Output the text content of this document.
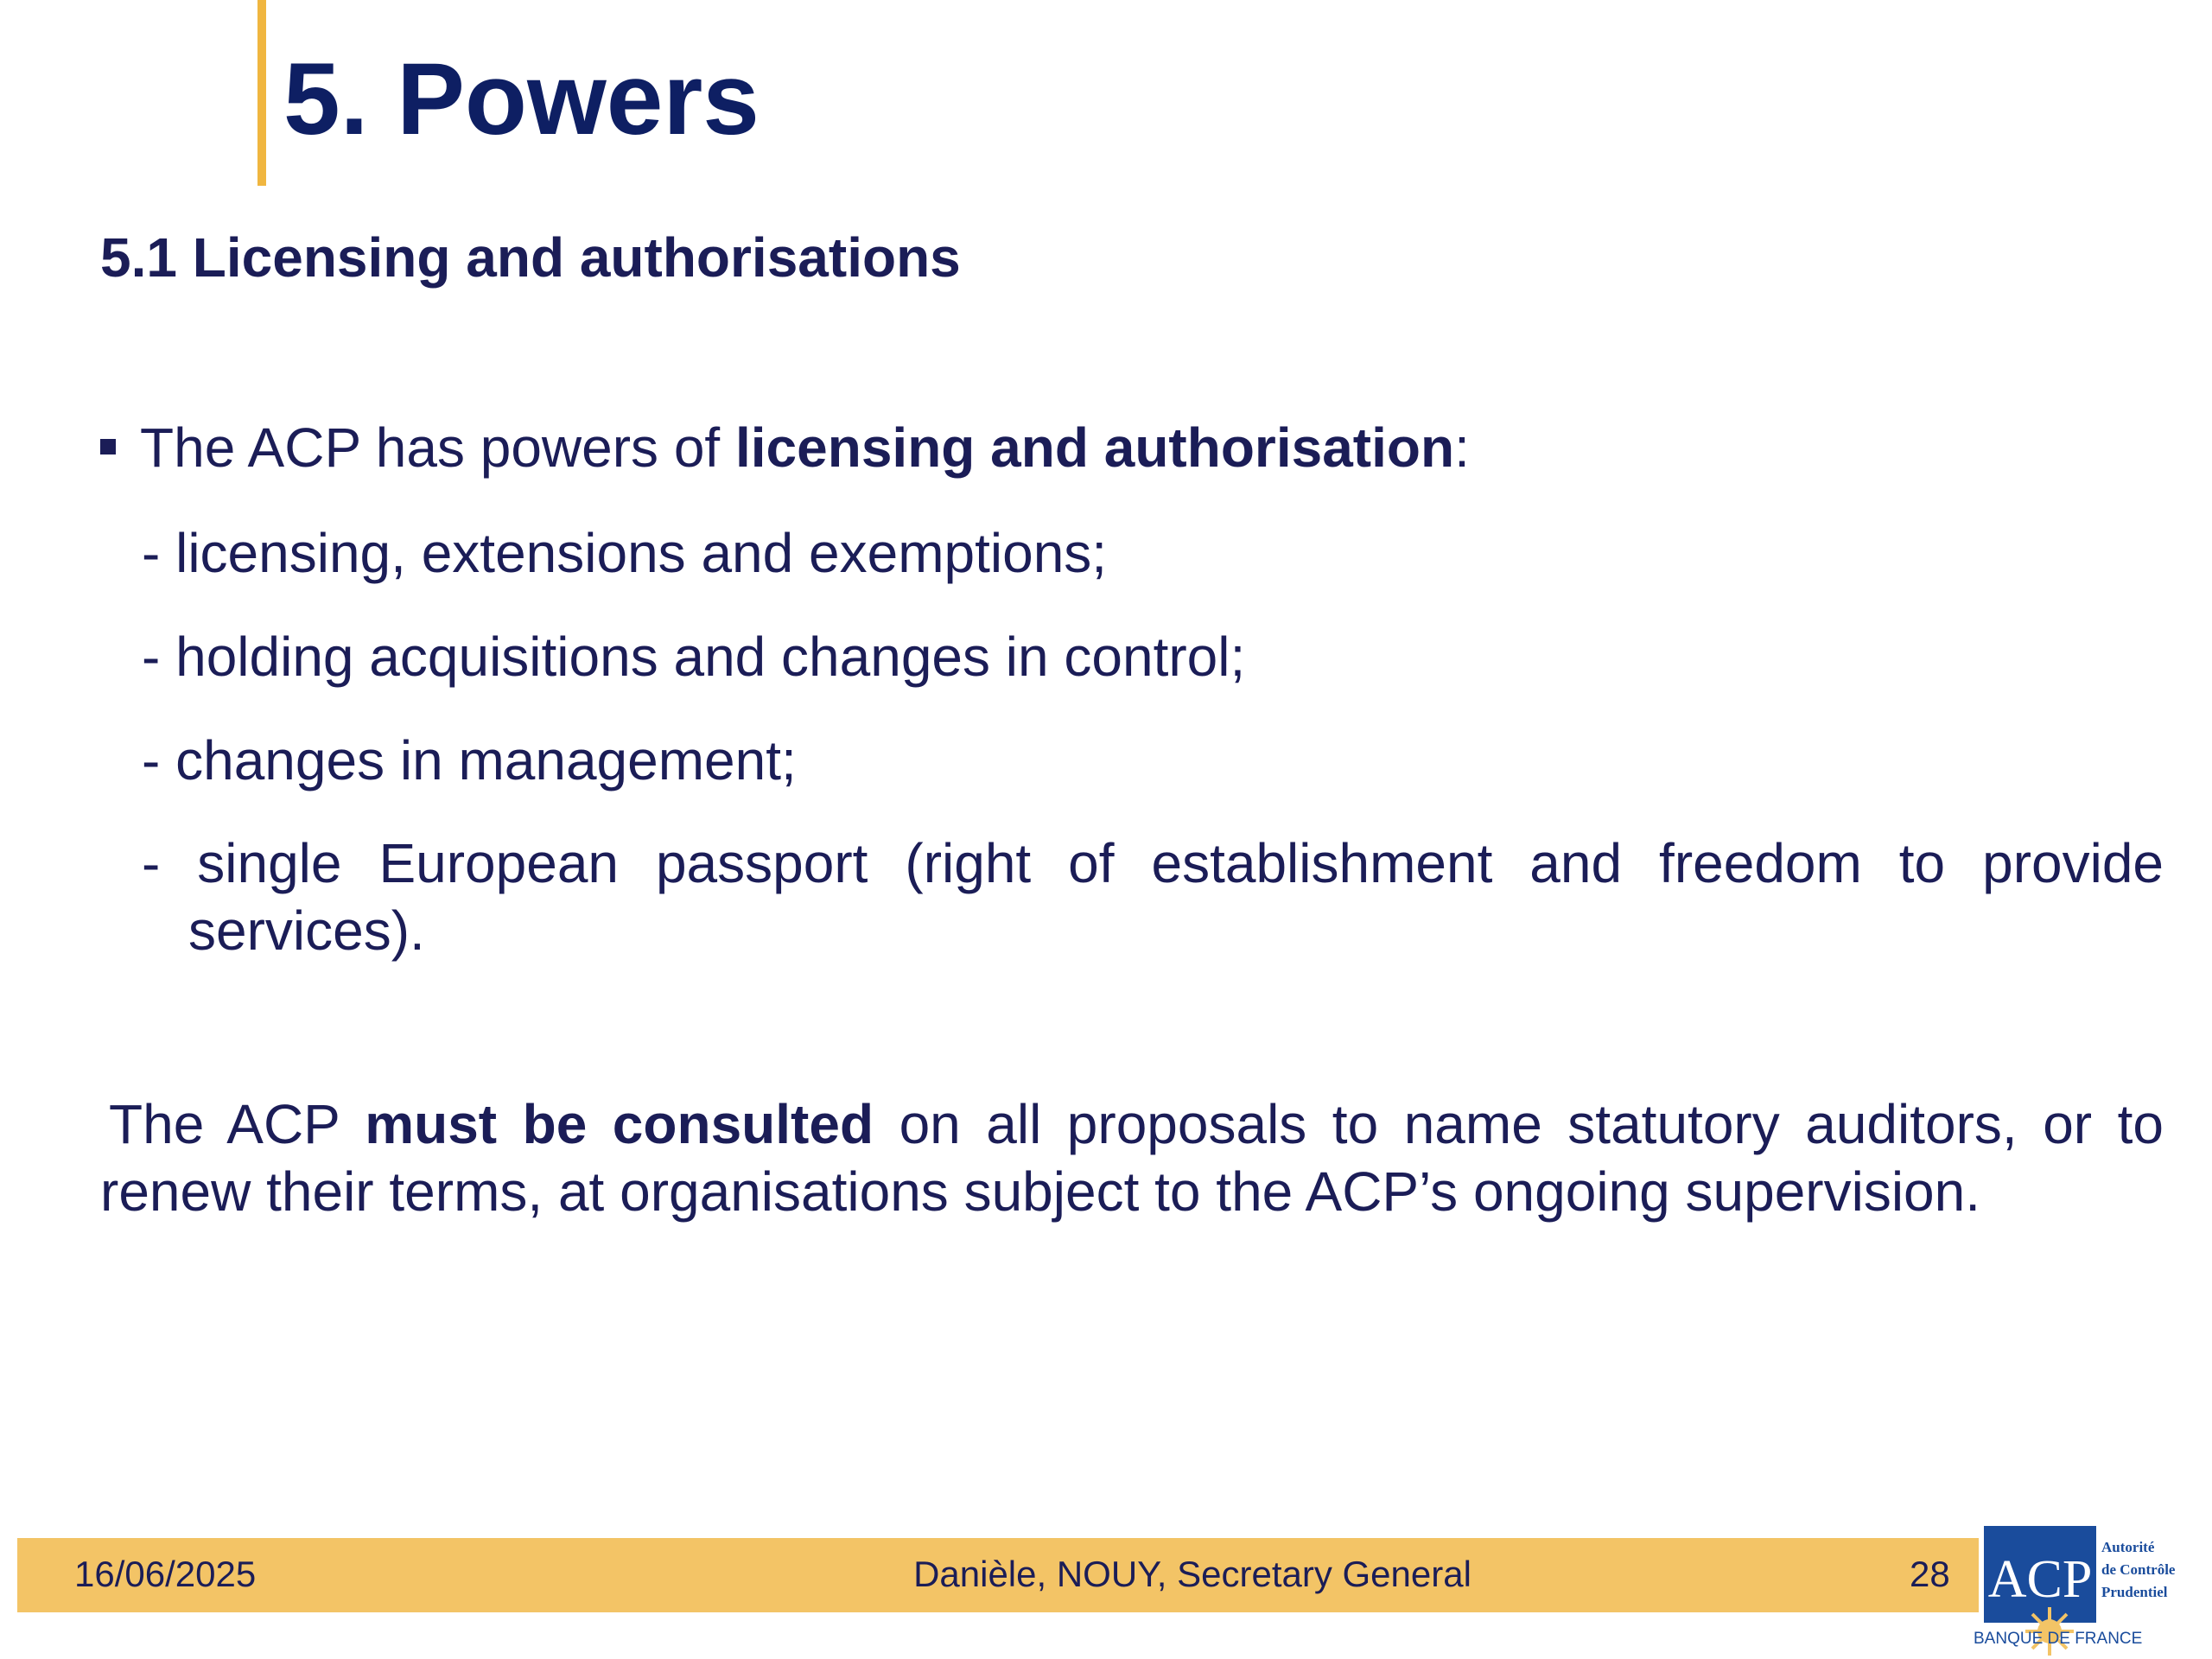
5. Powers
5.1 Licensing and authorisations
The ACP has powers of licensing and authorisation:
- licensing, extensions and exemptions;
- holding acquisitions and changes in control;
- changes in management;
- single European passport (right of establishment and freedom to provide
services).
The ACP must be consulted on all proposals to name statutory auditors, or to
renew their terms, at organisations subject to the ACP’s ongoing supervision.
16/06/2025	Danièle, NOUY, Secretary General	28 ACP
Autorité
de Contrôle
Prudentiel
BANQUE DE FRANCE
